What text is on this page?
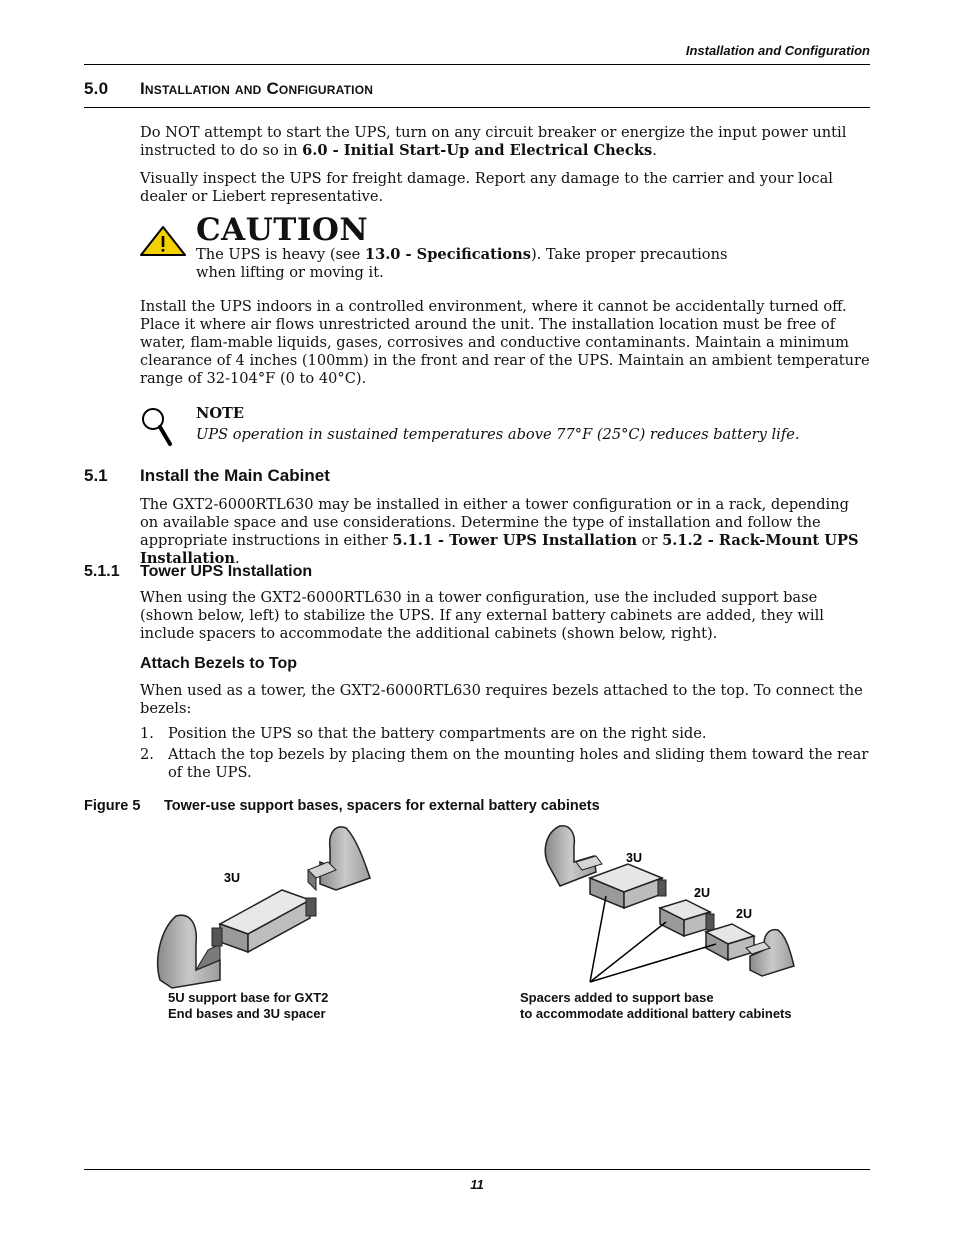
Installation and Configuration
5.0 Installation and Configuration
Do NOT attempt to start the UPS, turn on any circuit breaker or energize the input power until instructed to do so in 6.0 - Initial Start-Up and Electrical Checks.
Visually inspect the UPS for freight damage. Report any damage to the carrier and your local dealer or Liebert representative.
CAUTION
The UPS is heavy (see 13.0 - Specifications). Take proper precautions when lifting or moving it.
Install the UPS indoors in a controlled environment, where it cannot be accidentally turned off. Place it where air flows unrestricted around the unit. The installation location must be free of water, flam-mable liquids, gases, corrosives and conductive contaminants. Maintain a minimum clearance of 4 inches (100mm) in the front and rear of the UPS. Maintain an ambient temperature range of 32-104°F (0 to 40°C).
NOTE
UPS operation in sustained temperatures above 77°F (25°C) reduces battery life.
5.1 Install the Main Cabinet
The GXT2-6000RTL630 may be installed in either a tower configuration or in a rack, depending on available space and use considerations. Determine the type of installation and follow the appropriate instructions in either 5.1.1 - Tower UPS Installation or 5.1.2 - Rack-Mount UPS Installation.
5.1.1 Tower UPS Installation
When using the GXT2-6000RTL630 in a tower configuration, use the included support base (shown below, left) to stabilize the UPS. If any external battery cabinets are added, they will include spacers to accommodate the additional cabinets (shown below, right).
Attach Bezels to Top
When used as a tower, the GXT2-6000RTL630 requires bezels attached to the top. To connect the bezels:
1. Position the UPS so that the battery compartments are on the right side.
2. Attach the top bezels by placing them on the mounting holes and sliding them toward the rear of the UPS.
Figure 5 Tower-use support bases, spacers for external battery cabinets
3U
3U
2U
2U
5U support base for GXT2
End bases and 3U spacer
Spacers added to support base
to accommodate additional battery cabinets
11
